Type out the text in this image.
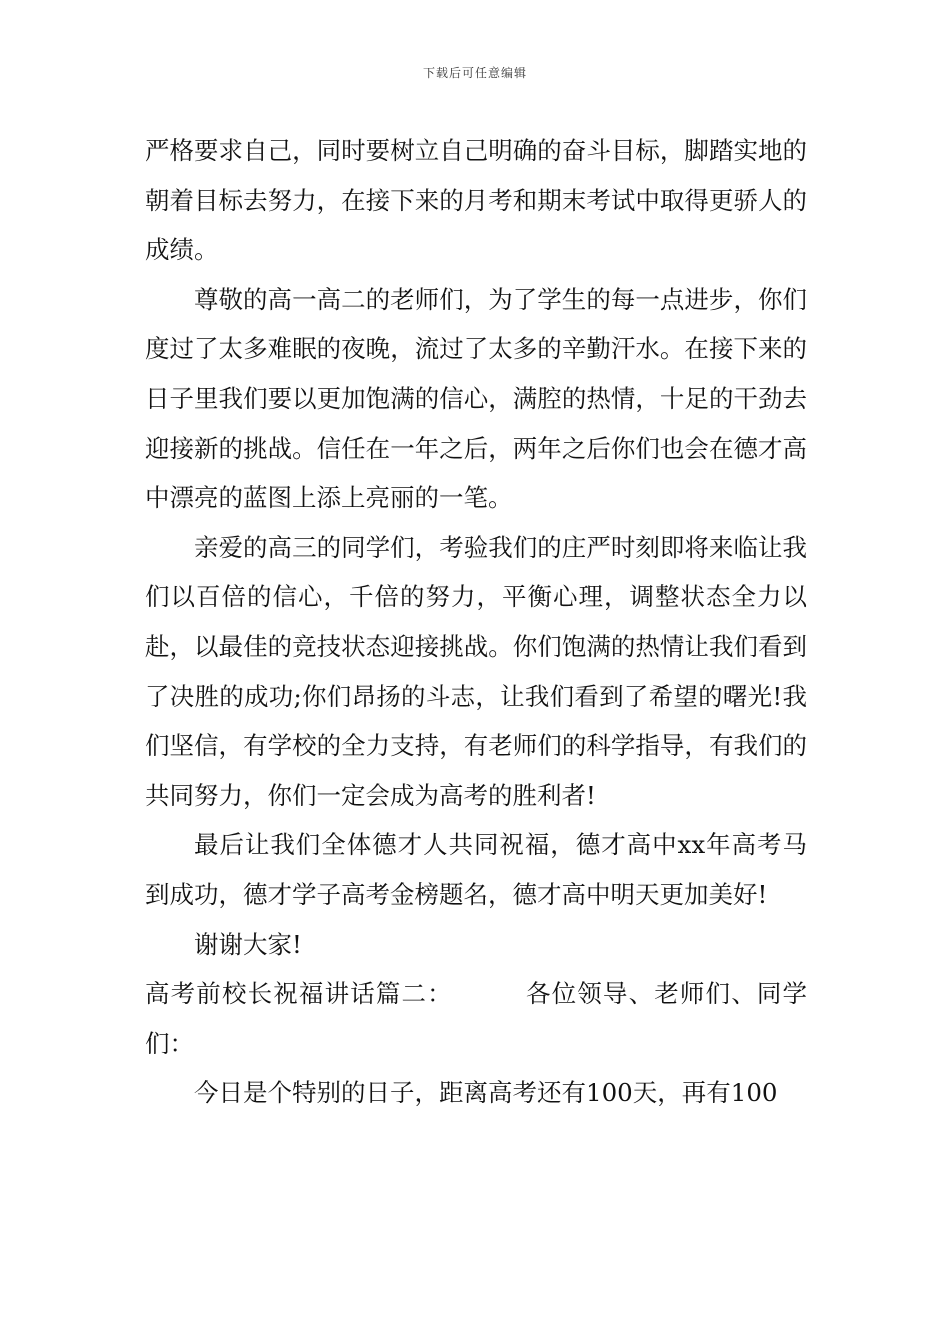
下载后可任意编辑

严格要求自己，同时要树立自己明确的奋斗目标，脚踏实地的朝着目标去努力，在接下来的月考和期末考试中取得更骄人的成绩。

尊敬的高一高二的老师们，为了学生的每一点进步，你们度过了太多难眠的夜晚，流过了太多的辛勤汗水。在接下来的日子里我们要以更加饱满的信心，满腔的热情，十足的干劲去迎接新的挑战。信任在一年之后，两年之后你们也会在德才高中漂亮的蓝图上添上亮丽的一笔。

亲爱的高三的同学们，考验我们的庄严时刻即将来临让我们以百倍的信心，千倍的努力，平衡心理，调整状态全力以赴，以最佳的竞技状态迎接挑战。你们饱满的热情让我们看到了决胜的成功;你们昂扬的斗志，让我们看到了希望的曙光!我们坚信，有学校的全力支持，有老师们的科学指导，有我们的共同努力，你们一定会成为高考的胜利者!

最后让我们全体德才人共同祝福，德才高中xx年高考马到成功，德才学子高考金榜题名，德才高中明天更加美好!

谢谢大家!

高考前校长祝福讲话篇二：	各位领导、老师们、同学们：

今日是个特别的日子，距离高考还有100天，再有100
